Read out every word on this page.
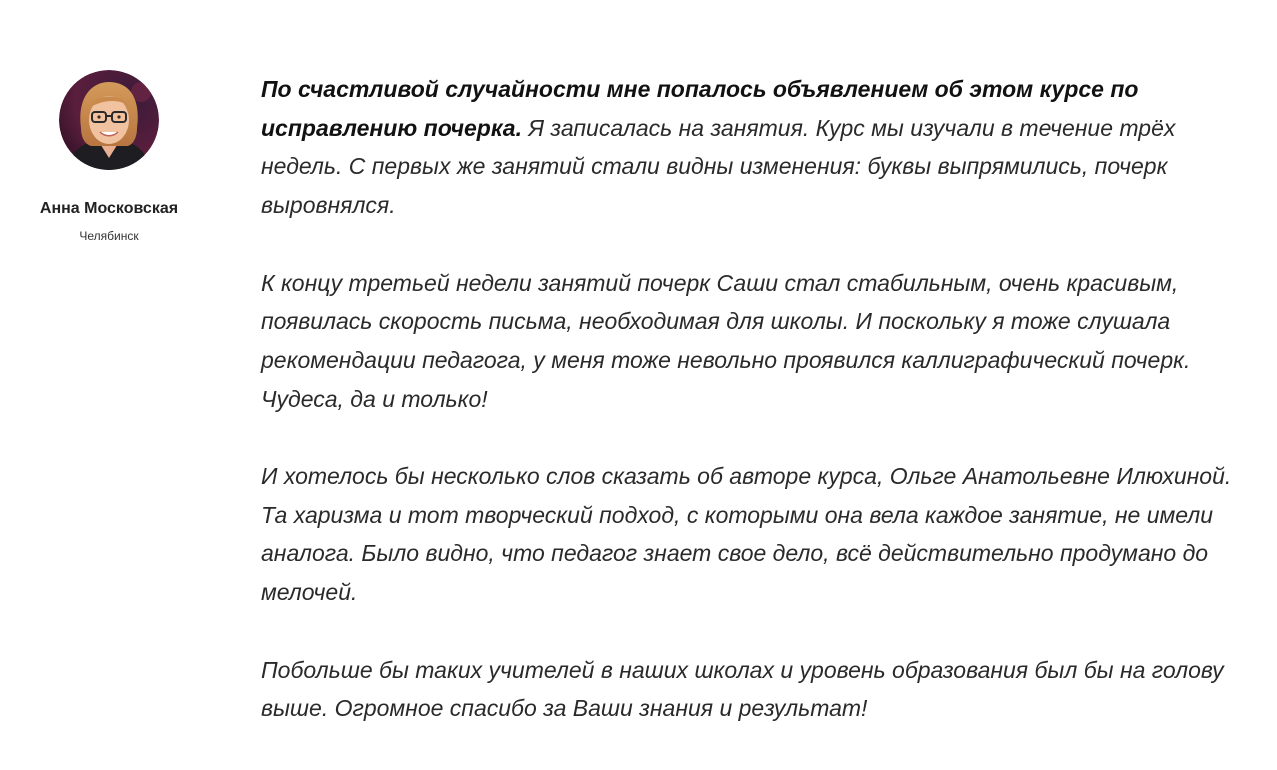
Анна Московская
Челябинск

По счастливой случайности мне попалось объявлением об этом курсе по исправлению почерка. Я записалась на занятия. Курс мы изучали в течение трёх недель. С первых же занятий стали видны изменения: буквы выпрямились, почерк выровнялся.

К концу третьей недели занятий почерк Саши стал стабильным, очень красивым, появилась скорость письма, необходимая для школы. И поскольку я тоже слушала рекомендации педагога, у меня тоже невольно проявился каллиграфический почерк. Чудеса, да и только!

И хотелось бы несколько слов сказать об авторе курса, Ольге Анатольевне Илюхиной. Та харизма и тот творческий подход, с которыми она вела каждое занятие, не имели аналога. Было видно, что педагог знает свое дело, всё действительно продумано до мелочей.

Побольше бы таких учителей в наших школах и уровень образования был бы на голову выше. Огромное спасибо за Ваши знания и результат!
